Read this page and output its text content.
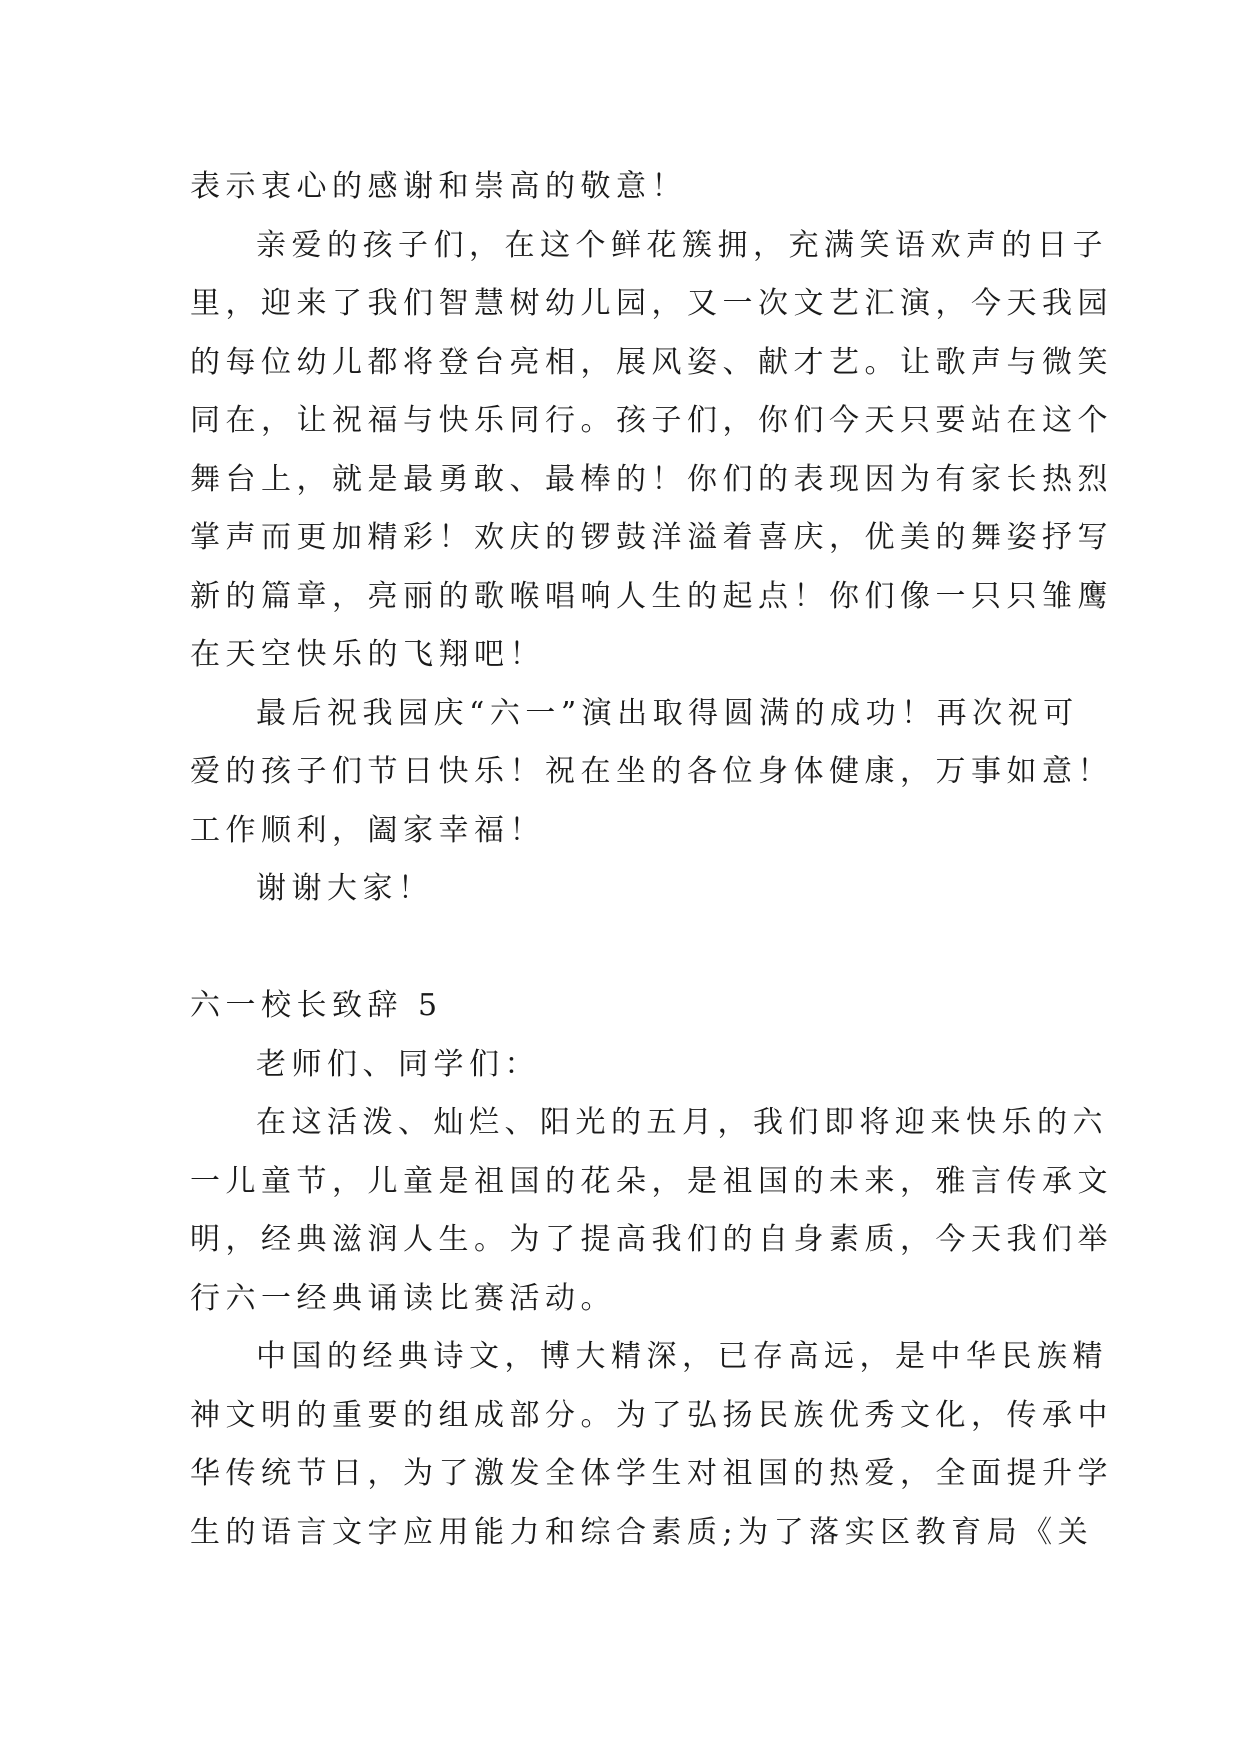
表示衷心的感谢和崇高的敬意！
亲爱的孩子们，在这个鲜花簇拥，充满笑语欢声的日子
里，迎来了我们智慧树幼儿园，又一次文艺汇演，今天我园
的每位幼儿都将登台亮相，展风姿、献才艺。让歌声与微笑
同在，让祝福与快乐同行。孩子们，你们今天只要站在这个
舞台上，就是最勇敢、最棒的！你们的表现因为有家长热烈
掌声而更加精彩！欢庆的锣鼓洋溢着喜庆，优美的舞姿抒写
新的篇章，亮丽的歌喉唱响人生的起点！你们像一只只雏鹰
在天空快乐的飞翔吧！
最后祝我园庆“六一”演出取得圆满的成功！再次祝可
爱的孩子们节日快乐！祝在坐的各位身体健康，万事如意！
工作顺利，阖家幸福！
谢谢大家！
六一校长致辞 5
老师们、同学们：
在这活泼、灿烂、阳光的五月，我们即将迎来快乐的六
一儿童节，儿童是祖国的花朵，是祖国的未来，雅言传承文
明，经典滋润人生。为了提高我们的自身素质，今天我们举
行六一经典诵读比赛活动。
中国的经典诗文，博大精深，已存高远，是中华民族精
神文明的重要的组成部分。为了弘扬民族优秀文化，传承中
华传统节日，为了激发全体学生对祖国的热爱，全面提升学
生的语言文字应用能力和综合素质;为了落实区教育局《关
